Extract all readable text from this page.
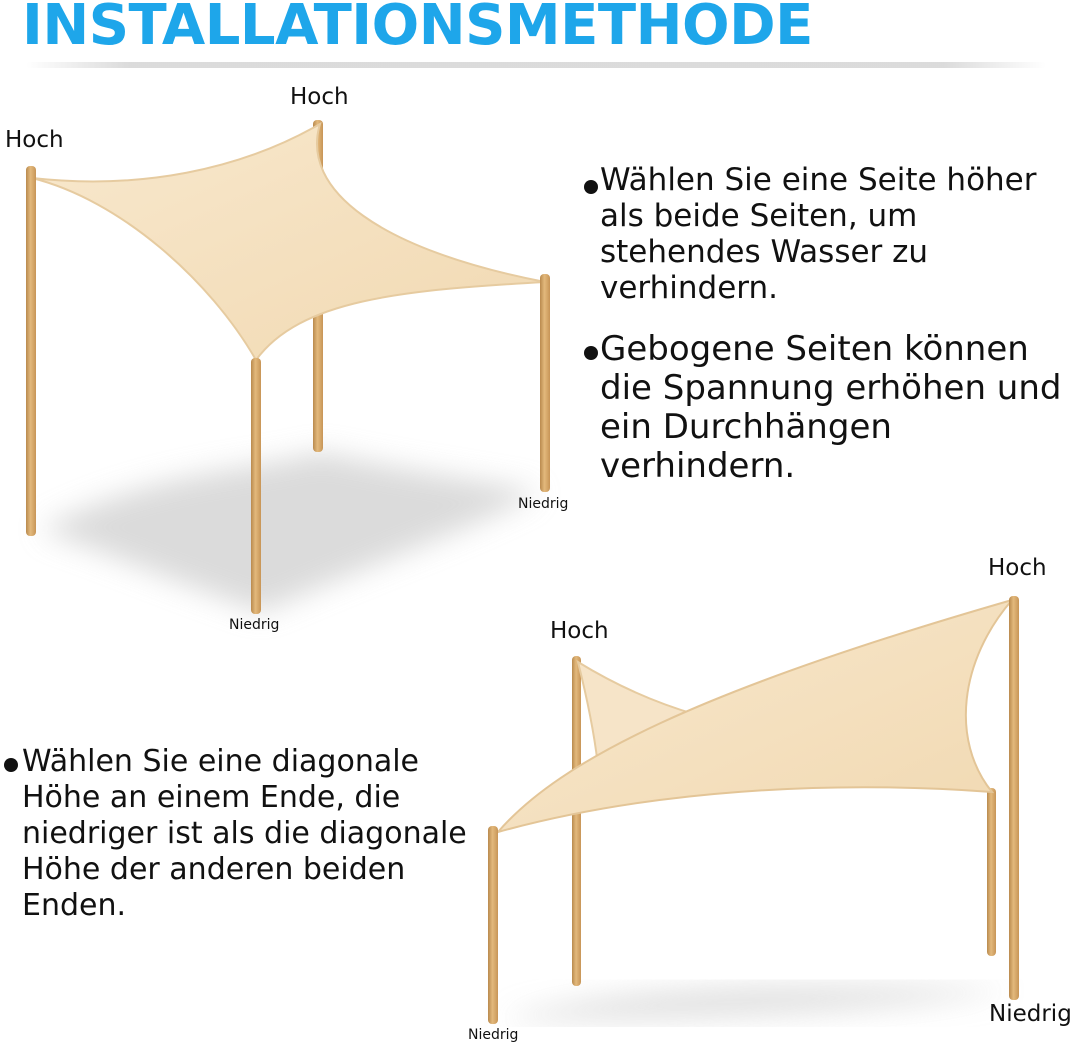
INSTALLATIONSMETHODE

Hoch

Hoch

Niedrig

Niedrig

Hoch

Hoch

Niedrig

Niedrig

Wählen Sie eine Seite höher als beide Seiten, um stehendes Wasser zu verhindern.
Gebogene Seiten können die Spannung erhöhen und ein Durchhängen verhindern.
Wählen Sie eine diagonale Höhe an einem Ende, die niedriger ist als die diagonale Höhe der anderen beiden Enden.
